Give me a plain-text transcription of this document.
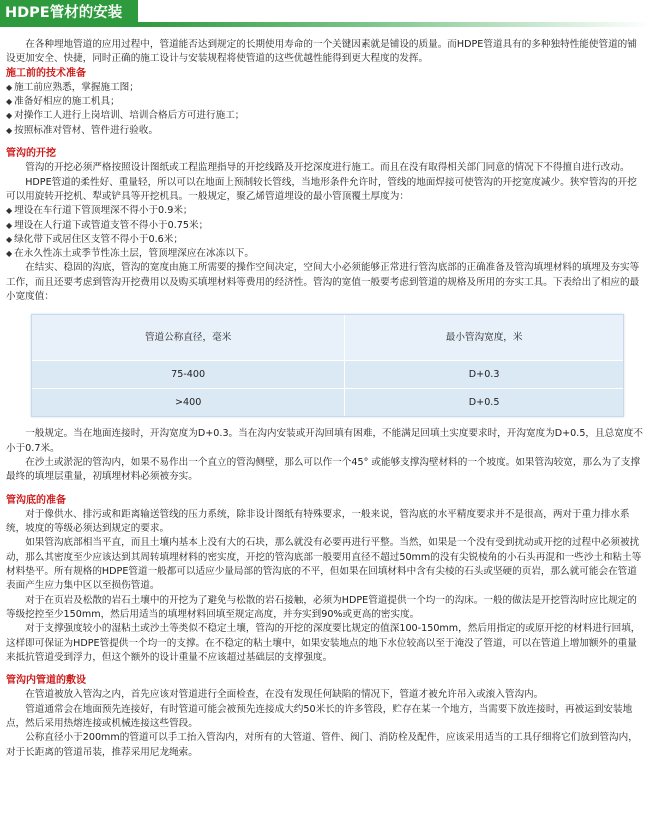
HDPE管材的安装

在各种埋地管道的应用过程中，管道能否达到规定的长期使用寿命的一个关键因素就是铺设的质量。而HDPE管道具有的多种独特性能使管道的铺设更加安全、快捷，同时正确的施工设计与安装规程将使管道的这些优越性能得到更大程度的发挥。

施工前的技术准备

◆ 施工前应熟悉，掌握施工图；
◆ 准备好相应的施工机具；
◆ 对操作工人进行上岗培训、培训合格后方可进行施工；
◆ 按照标准对管材、管件进行验收。

管沟的开挖

管沟的开挖必须严格按照设计图纸或工程监理指导的开挖线路及开挖深度进行施工。而且在没有取得相关部门同意的情况下不得擅自进行改动。

HDPE管道的柔性好、重量轻，所以可以在地面上预制较长管线，当地形条件允许时，管线的地面焊接可使管沟的开挖宽度减少。狭窄管沟的开挖可以用旋转开挖机、犁或铲具等开挖机具。一般规定，聚乙烯管道埋设的最小管顶覆土厚度为：

◆ 埋设在车行道下管顶埋深不得小于0.9米；
◆ 埋设在人行道下或管道支管不得小于0.75米；
◆ 绿化带下或居住区支管不得小于0.6米；
◆ 在永久性冻土或季节性冻土层，管顶埋深应在冰冻以下。

在结实、稳固的沟底，管沟的宽度由施工所需要的操作空间决定，空间大小必须能够正常进行管沟底部的正确准备及管沟填埋材料的填埋及夯实等工作，而且还要考虑到管沟开挖费用以及购买填埋材料等费用的经济性。管沟的宽值一般要考虑到管道的规格及所用的夯实工具。下表给出了相应的最小宽度值：

管道公称直径，毫米	最小管沟宽度，米
75-400	D+0.3
>400	D+0.5

一般规定。当在地面连接时，开沟宽度为D+0.3。当在沟内安装或开沟回填有困难，不能满足回填土实度要求时，开沟宽度为D+0.5，且总宽度不小于0.7米。

在沙土或淤泥的管沟内，如果不易作出一个直立的管沟侧壁，那么可以作一个45° 或能够支撑沟壁材料的一个坡度。如果管沟较宽，那么为了支撑最终的填埋层重量，初填埋材料必须被夯实。

管沟底的准备

对于像供水、排污或和距离输送管线的压力系统，除非设计图纸有特殊要求，一般来说，管沟底的水平精度要求并不是很高，两对于重力排水系统，坡度的等级必须达到规定的要求。

如果管沟底部相当平直，而且土壤内基本上没有大的石块，那么就没有必要再进行平整。当然，如果是一个没有受到扰动或开挖的过程中必须被扰动，那么其密度至少应该达到其周转填埋材料的密实度，开挖的管沟底部一般要用直径不超过50mm的没有尖锐棱角的小石头再混和一些沙土和粘土等材料垫平。所有规格的HDPE管道一般都可以适应少量局部的管沟底的不平，但如果在回填材料中含有尖棱的石头或坚硬的页岩，那么就可能会在管道表面产生应力集中区以至损伤管道。

对于在页岩及松散的岩石土壤中的开挖为了避免与松散的岩石接触，必须为HDPE管道提供一个均一的沟床。一般的做法是开挖管沟时应比规定的等级挖控至少150mm，然后用适当的填埋材料回填至规定高度，并夯实到90%或更高的密实度。

对于支撑强度较小的湿粘土或沙土等类似不稳定土壤，管沟的开挖的深度要比规定的值深100-150mm，然后用指定的或原开挖的材料进行回填，这样即可保证为HDPE管提供一个均一的支撑。在不稳定的粘土壤中，如果安装地点的地下水位较高以至于淹没了管道，可以在管道上增加额外的重量来抵抗管道受到浮力，但这个额外的设计重量不应该超过基础层的支撑强度。

管沟内管道的敷设

在管道被放入管沟之内，首先应该对管道进行全面检查，在没有发现任何缺陷的情况下，管道才被允许吊入或滚入管沟内。

管道通常会在地面预先连接好，有时管道可能会被预先连接成大约50米长的许多管段，贮存在某一个地方，当需要下放连接时，再被运到安装地点，然后采用热熔连接或机械连接这些管段。

公称直径小于200mm的管道可以手工抬入管沟内，对所有的大管道、管件、阀门、消防栓及配件，应该采用适当的工具仔细将它们放到管沟内，对于长距离的管道吊装，推荐采用尼龙绳索。
